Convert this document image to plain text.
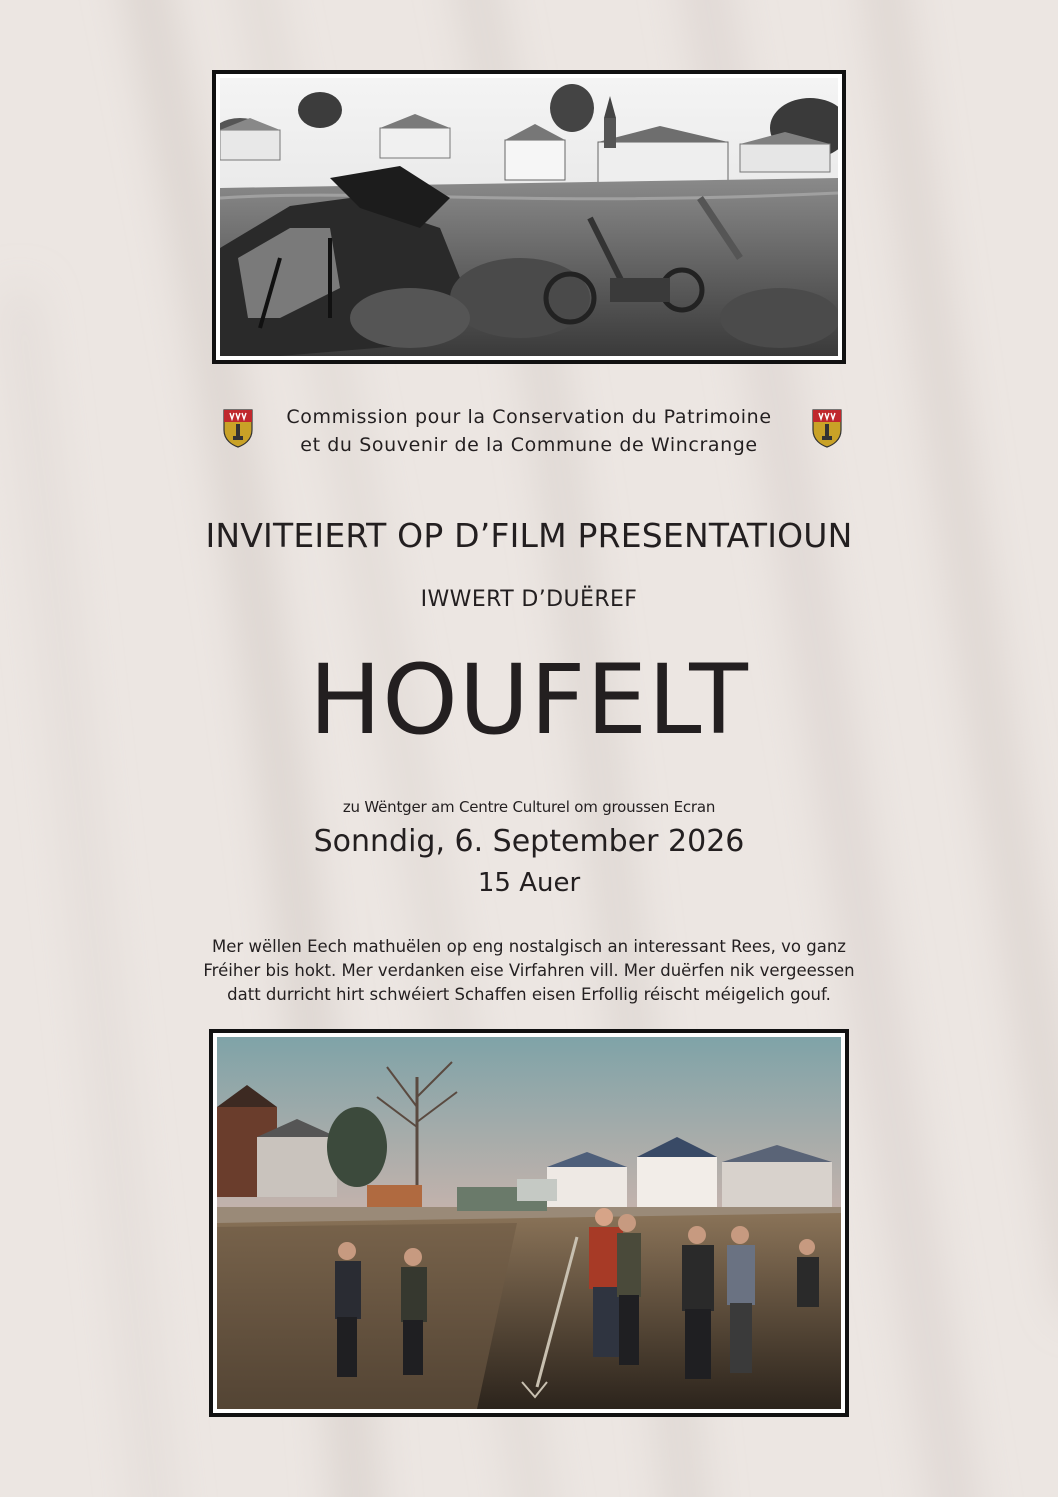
Commission pour la Conservation du Patrimoine
et du Souvenir de la Commune de Wincrange
INVITEIERT OP D’FILM PRESENTATIOUN
IWWERT D’DUËREF
HOUFELT
zu Wëntger am Centre Culturel om groussen Ecran
Sonndig, 6. September 2026
15 Auer
Mer wëllen Eech mathuëlen op eng nostalgisch an interessant Rees, vo ganz
Fréiher bis hokt. Mer verdanken eise Virfahren vill. Mer duërfen nik vergeessen
datt durricht hirt schwéiert Schaffen eisen Erfollig réischt méigelich gouf.
